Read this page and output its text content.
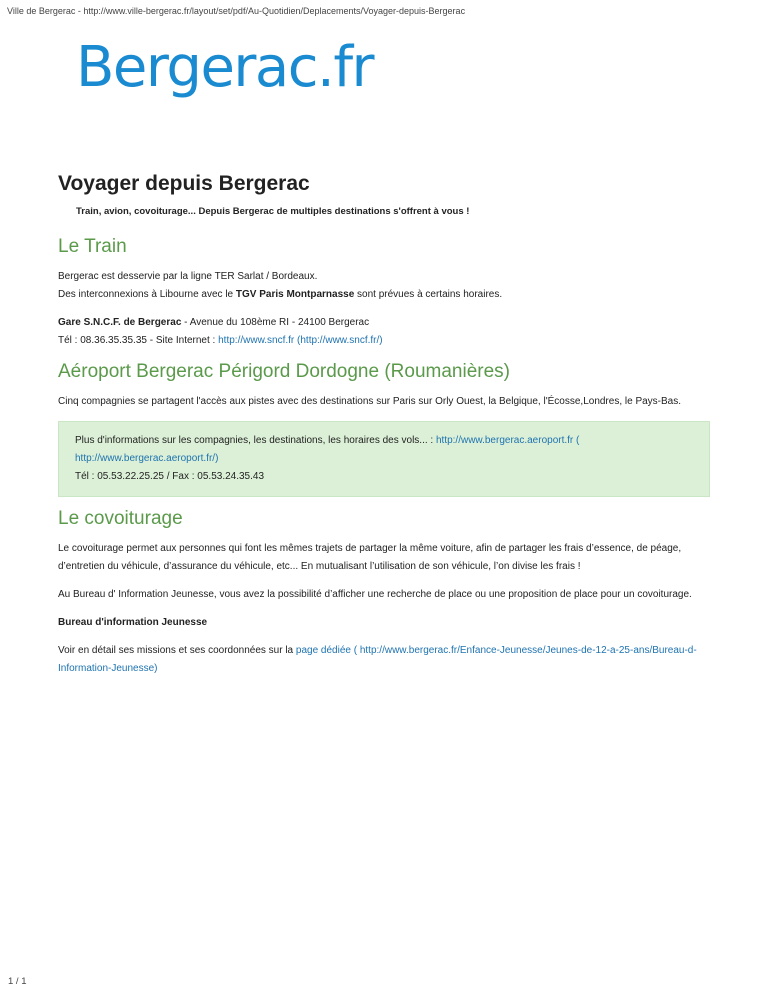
Ville de Bergerac - http://www.ville-bergerac.fr/layout/set/pdf/Au-Quotidien/Deplacements/Voyager-depuis-Bergerac
Bergerac.fr
Voyager depuis Bergerac
Train, avion, covoiturage... Depuis Bergerac de multiples destinations s'offrent à vous !
Le Train

Bergerac est desservie par la ligne TER Sarlat / Bordeaux.

Des interconnexions à Libourne avec le TGV Paris Montparnasse sont prévues à certains horaires.

Gare S.N.C.F. de Bergerac - Avenue du 108ème RI - 24100 Bergerac

Tél : 08.36.35.35.35 - Site Internet : http://www.sncf.fr (http://www.sncf.fr/)

Aéroport Bergerac Périgord Dordogne (Roumanières)

Cinq compagnies se partagent l'accès aux pistes avec des destinations sur Paris sur Orly Ouest, la Belgique, l'Écosse,Londres, le Pays-Bas.

Plus d'informations sur les compagnies, les destinations, les horaires des vols... : http://www.bergerac.aeroport.fr ( http://www.bergerac.aeroport.fr/)

Tél : 05.53.22.25.25 / Fax : 05.53.24.35.43

Le covoiturage

Le covoiturage permet aux personnes qui font les mêmes trajets de partager la même voiture, afin de partager les frais d’essence, de péage, d’entretien du véhicule, d’assurance du véhicule, etc... En mutualisant l’utilisation de son véhicule, l’on divise les frais !

Au Bureau d' Information Jeunesse, vous avez la possibilité d’afficher une recherche de place ou une proposition de place pour un covoiturage.

Bureau d'information Jeunesse

Voir en détail ses missions et ses coordonnées sur la page dédiée ( http://www.bergerac.fr/Enfance-Jeunesse/Jeunes-de-12-a-25-ans/Bureau-d-Information-Jeunesse)

1 / 1
